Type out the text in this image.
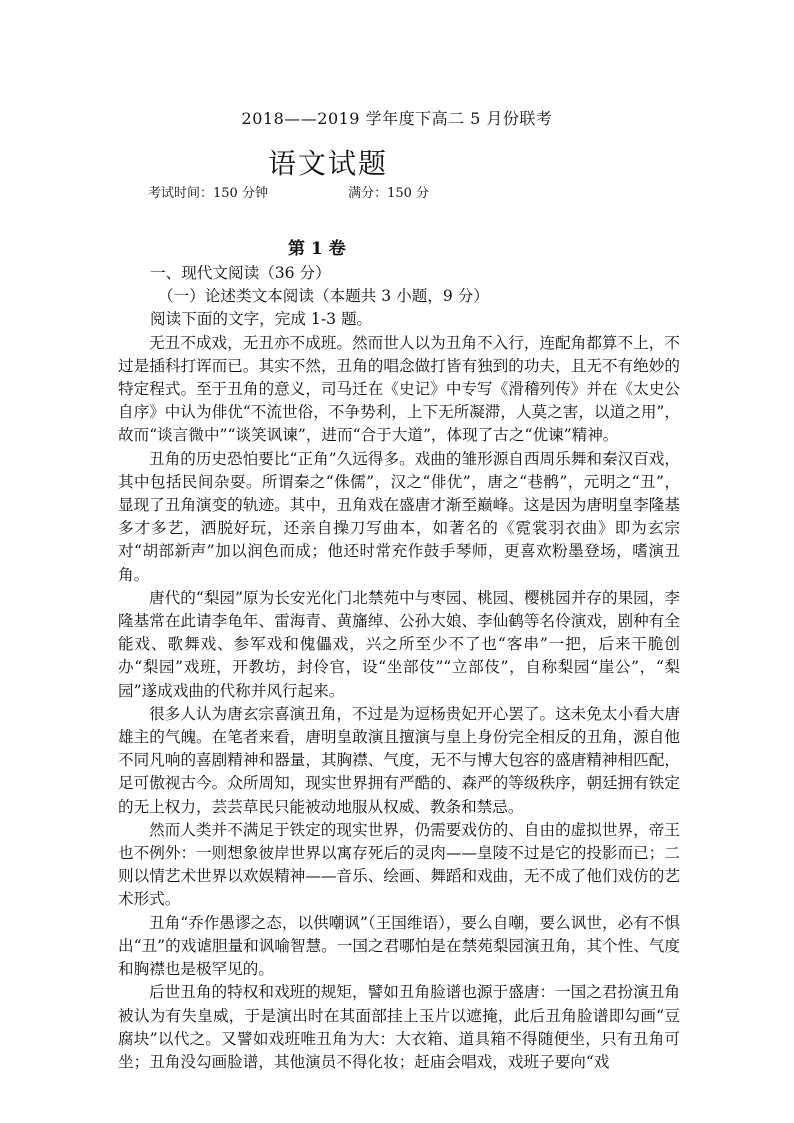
2018——2019 学年度下高二 5 月份联考
语文试题
考试时间：150 分钟	满分：150 分
第 1 卷

一、现代文阅读（36 分）

（一）论述类文本阅读（本题共 3 小题，9 分）

阅读下面的文字，完成 1-3 题。

无丑不成戏，无丑亦不成班。然而世人以为丑角不入行，连配角都算不上，不过是插科打诨而已。其实不然，丑角的唱念做打皆有独到的功夫，且无不有绝妙的特定程式。至于丑角的意义，司马迁在《史记》中专写《滑稽列传》并在《太史公自序》中认为俳优“不流世俗，不争势利，上下无所凝滞，人莫之害，以道之用”，故而“谈言微中”“谈笑讽谏”，进而“合于大道”，体现了古之“优谏”精神。

丑角的历史恐怕要比“正角”久远得多。戏曲的雏形源自西周乐舞和秦汉百戏，其中包括民间杂耍。所谓秦之“侏儒”，汉之“俳优”，唐之“巷鹘”，元明之“丑”，显现了丑角演变的轨迹。其中，丑角戏在盛唐才渐至巅峰。这是因为唐明皇李隆基多才多艺，洒脱好玩，还亲自操刀写曲本，如著名的《霓裳羽衣曲》即为玄宗对“胡部新声”加以润色而成；他还时常充作鼓手琴师，更喜欢粉墨登场，嗜演丑角。

唐代的“梨园”原为长安光化门北禁苑中与枣园、桃园、樱桃园并存的果园，李隆基常在此请李龟年、雷海青、黄旛绰、公孙大娘、李仙鹤等名伶演戏，剧种有全能戏、歌舞戏、参军戏和傀儡戏，兴之所至少不了也“客串”一把，后来干脆创办“梨园”戏班，开教坊，封伶官，设“坐部伎”“立部伎”，自称梨园“崖公”，“梨园”遂成戏曲的代称并风行起来。

很多人认为唐玄宗喜演丑角，不过是为逗杨贵妃开心罢了。这未免太小看大唐雄主的气魄。在笔者来看，唐明皇敢演且擅演与皇上身份完全相反的丑角，源自他不同凡响的喜剧精神和器量，其胸襟、气度，无不与博大包容的盛唐精神相匹配，足可傲视古今。众所周知，现实世界拥有严酷的、森严的等级秩序，朝廷拥有铁定的无上权力，芸芸草民只能被动地服从权威、教条和禁忌。

然而人类并不满足于铁定的现实世界，仍需要戏仿的、自由的虚拟世界，帝王也不例外：一则想象彼岸世界以寓存死后的灵肉——皇陵不过是它的投影而已；二则以情艺术世界以欢娱精神——音乐、绘画、舞蹈和戏曲，无不成了他们戏仿的艺术形式。

丑角“乔作愚谬之态，以供嘲讽”（王国维语），要么自嘲，要么讽世，必有不惧出“丑”的戏谑胆量和讽喻智慧。一国之君哪怕是在禁苑梨园演丑角，其个性、气度和胸襟也是极罕见的。

后世丑角的特权和戏班的规矩，譬如丑角脸谱也源于盛唐：一国之君扮演丑角被认为有失皇威，于是演出时在其面部挂上玉片以遮掩，此后丑角脸谱即勾画“豆腐块”以代之。又譬如戏班唯丑角为大：大衣箱、道具箱不得随便坐，只有丑角可坐；丑角没勾画脸谱，其他演员不得化妆；赶庙会唱戏，戏班子要向“戏
